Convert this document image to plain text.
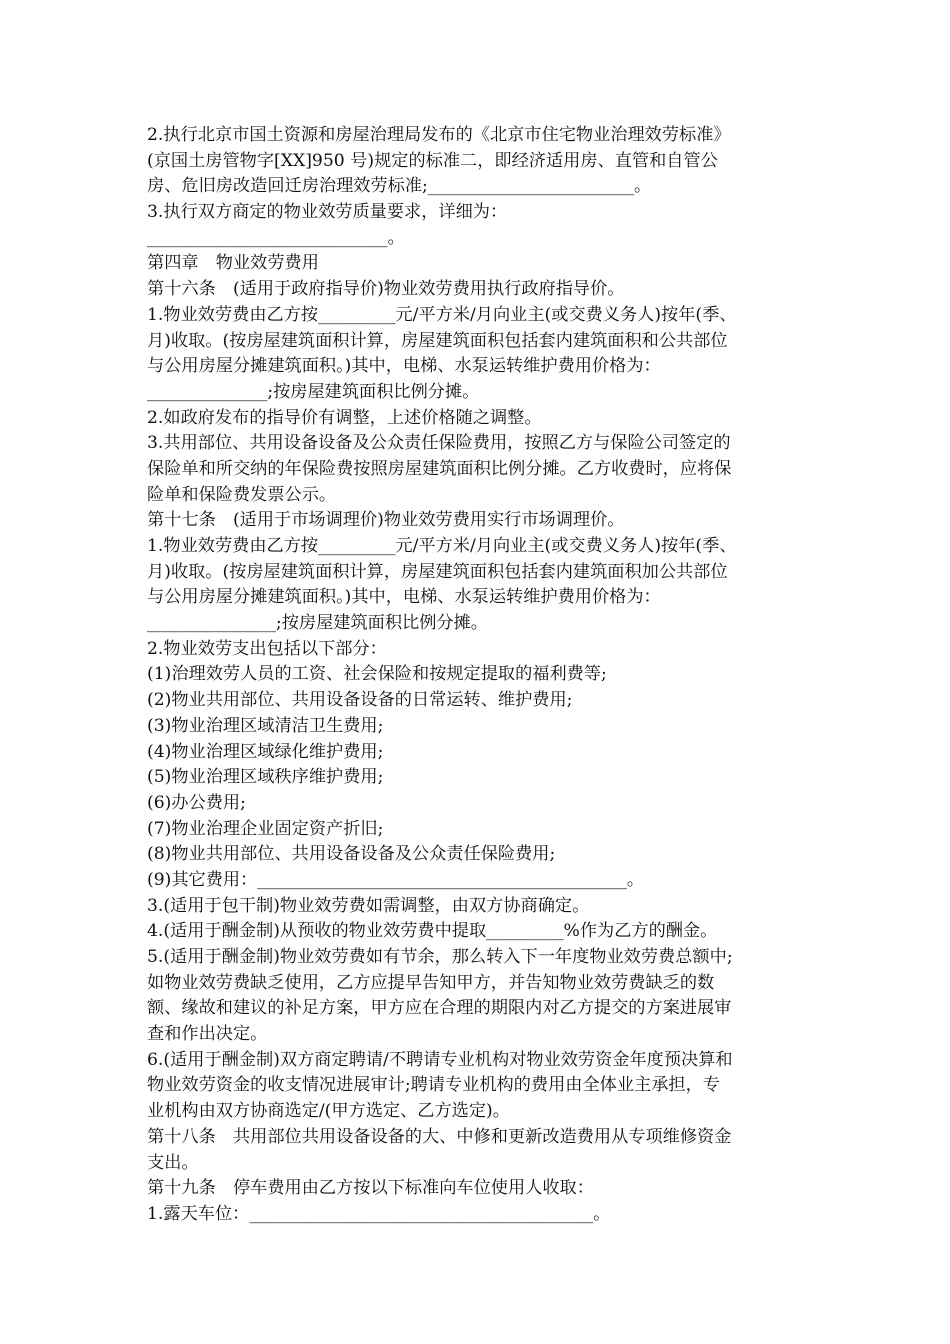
2.执行北京市国土资源和房屋治理局发布的《北京市住宅物业治理效劳标准》
(京国土房管物字[XX]950 号)规定的标准二，即经济适用房、直管和自管公
房、危旧房改造回迁房治理效劳标准;________________________。
3.执行双方商定的物业效劳质量要求，详细为：
____________________________。
第四章　物业效劳费用
第十六条　(适用于政府指导价)物业效劳费用执行政府指导价。
1.物业效劳费由乙方按_________元/平方米/月向业主(或交费义务人)按年(季、
月)收取。(按房屋建筑面积计算，房屋建筑面积包括套内建筑面积和公共部位
与公用房屋分摊建筑面积。)其中，电梯、水泵运转维护费用价格为：
______________;按房屋建筑面积比例分摊。
2.如政府发布的指导价有调整，上述价格随之调整。
3.共用部位、共用设备设备及公众责任保险费用，按照乙方与保险公司签定的
保险单和所交纳的年保险费按照房屋建筑面积比例分摊。乙方收费时，应将保
险单和保险费发票公示。
第十七条　(适用于市场调理价)物业效劳费用实行市场调理价。
1.物业效劳费由乙方按_________元/平方米/月向业主(或交费义务人)按年(季、
月)收取。(按房屋建筑面积计算，房屋建筑面积包括套内建筑面积加公共部位
与公用房屋分摊建筑面积。)其中，电梯、水泵运转维护费用价格为：
_______________;按房屋建筑面积比例分摊。
2.物业效劳支出包括以下部分：
(1)治理效劳人员的工资、社会保险和按规定提取的福利费等;
(2)物业共用部位、共用设备设备的日常运转、维护费用;
(3)物业治理区域清洁卫生费用;
(4)物业治理区域绿化维护费用;
(5)物业治理区域秩序维护费用;
(6)办公费用;
(7)物业治理企业固定资产折旧;
(8)物业共用部位、共用设备设备及公众责任保险费用;
(9)其它费用：___________________________________________。
3.(适用于包干制)物业效劳费如需调整，由双方协商确定。
4.(适用于酬金制)从预收的物业效劳费中提取_________%作为乙方的酬金。
5.(适用于酬金制)物业效劳费如有节余，那么转入下一年度物业效劳费总额中;
如物业效劳费缺乏使用，乙方应提早告知甲方，并告知物业效劳费缺乏的数
额、缘故和建议的补足方案，甲方应在合理的期限内对乙方提交的方案进展审
查和作出决定。
6.(适用于酬金制)双方商定聘请/不聘请专业机构对物业效劳资金年度预决算和
物业效劳资金的收支情况进展审计;聘请专业机构的费用由全体业主承担，专
业机构由双方协商选定/(甲方选定、乙方选定)。
第十八条　共用部位共用设备设备的大、中修和更新改造费用从专项维修资金
支出。
第十九条　停车费用由乙方按以下标准向车位使用人收取：
1.露天车位：________________________________________。
